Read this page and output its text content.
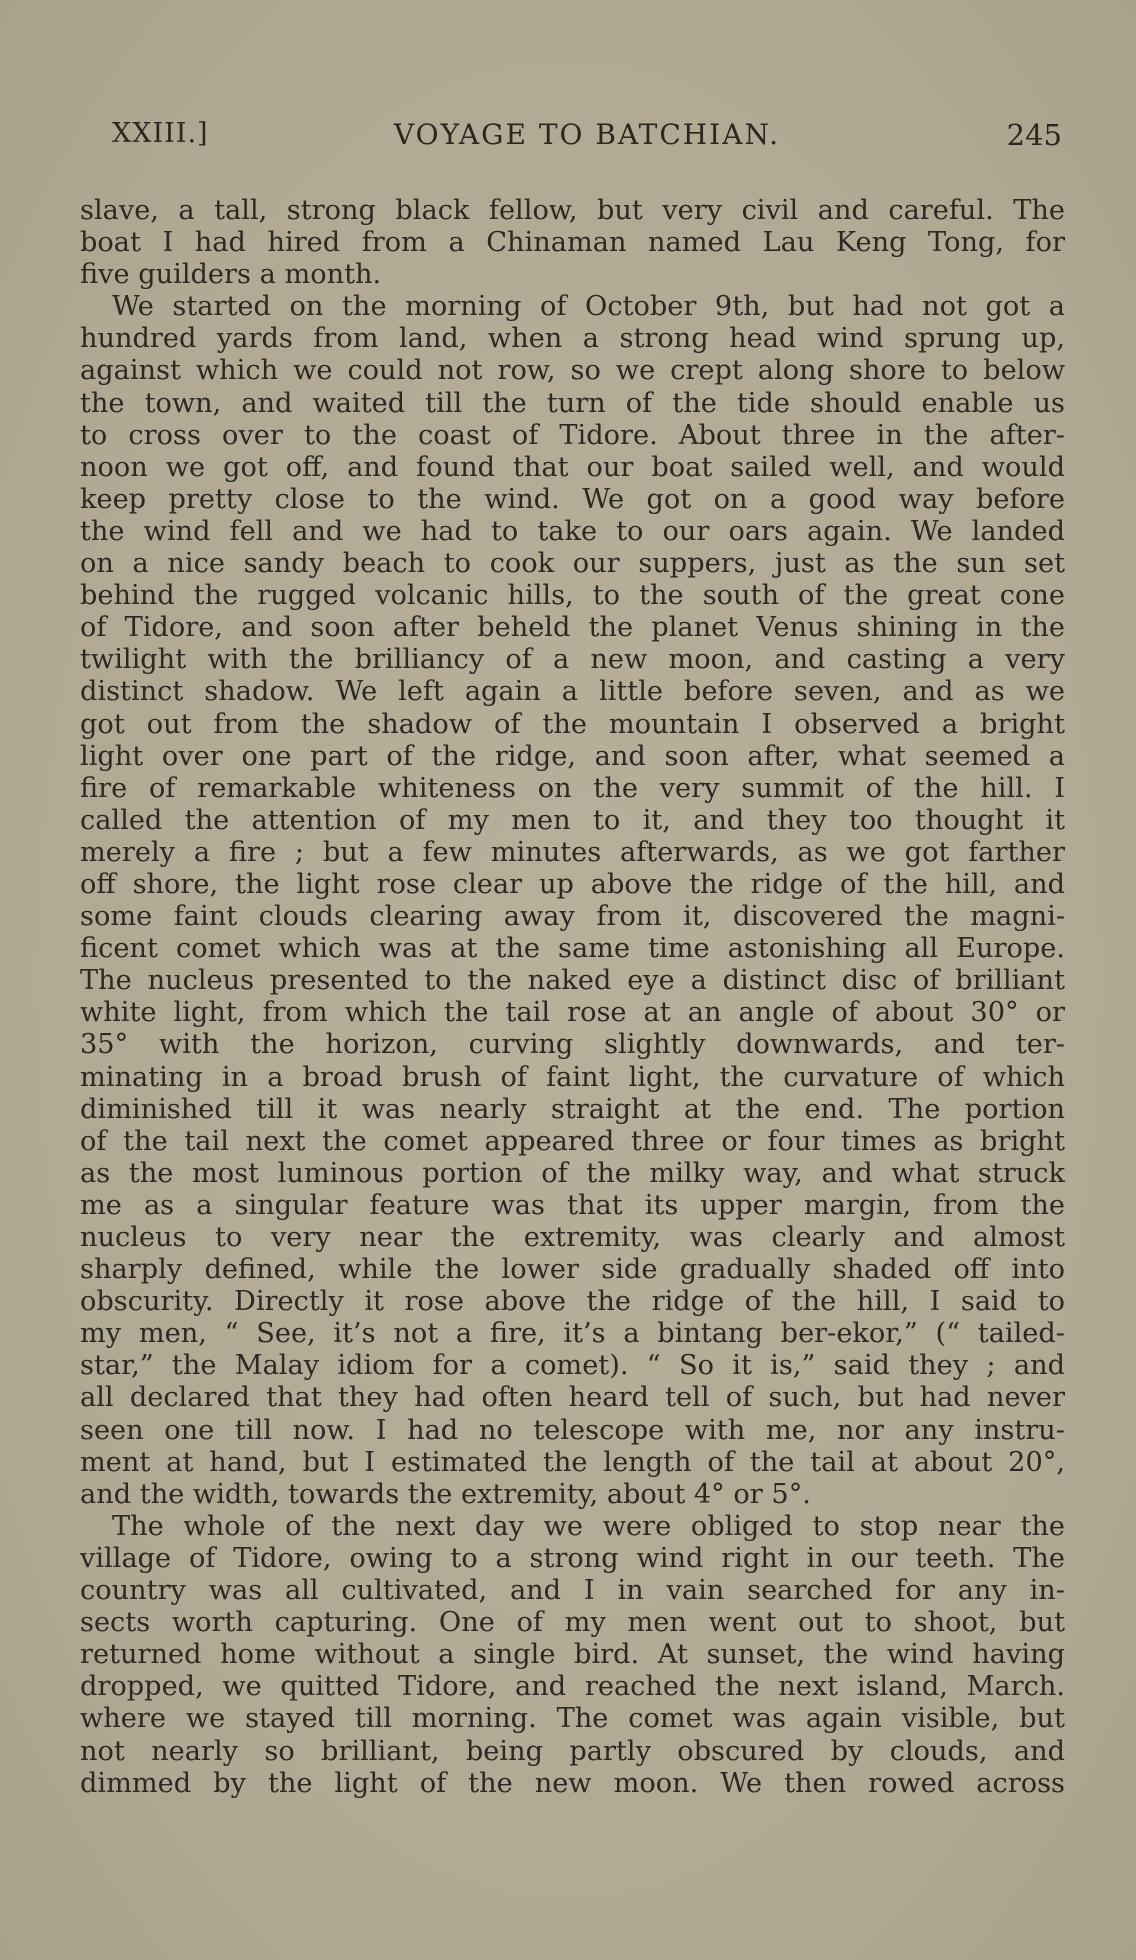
XXIII.]	VOYAGE TO BATCHIAN.	245
slave, a tall, strong black fellow, but very civil and careful. The
boat I had hired from a Chinaman named Lau Keng Tong, for
five guilders a month.
We started on the morning of October 9th, but had not got a
hundred yards from land, when a strong head wind sprung up,
against which we could not row, so we crept along shore to below
the town, and waited till the turn of the tide should enable us
to cross over to the coast of Tidore. About three in the after-
noon we got off, and found that our boat sailed well, and would
keep pretty close to the wind. We got on a good way before
the wind fell and we had to take to our oars again. We landed
on a nice sandy beach to cook our suppers, just as the sun set
behind the rugged volcanic hills, to the south of the great cone
of Tidore, and soon after beheld the planet Venus shining in the
twilight with the brilliancy of a new moon, and casting a very
distinct shadow. We left again a little before seven, and as we
got out from the shadow of the mountain I observed a bright
light over one part of the ridge, and soon after, what seemed a
fire of remarkable whiteness on the very summit of the hill. I
called the attention of my men to it, and they too thought it
merely a fire ; but a few minutes afterwards, as we got farther
off shore, the light rose clear up above the ridge of the hill, and
some faint clouds clearing away from it, discovered the magni-
ficent comet which was at the same time astonishing all Europe.
The nucleus presented to the naked eye a distinct disc of brilliant
white light, from which the tail rose at an angle of about 30° or
35° with the horizon, curving slightly downwards, and ter-
minating in a broad brush of faint light, the curvature of which
diminished till it was nearly straight at the end. The portion
of the tail next the comet appeared three or four times as bright
as the most luminous portion of the milky way, and what struck
me as a singular feature was that its upper margin, from the
nucleus to very near the extremity, was clearly and almost
sharply defined, while the lower side gradually shaded off into
obscurity. Directly it rose above the ridge of the hill, I said to
my men, “ See, it’s not a fire, it’s a bintang ber-ekor,” (“ tailed-
star,” the Malay idiom for a comet). “ So it is,” said they ; and
all declared that they had often heard tell of such, but had never
seen one till now. I had no telescope with me, nor any instru-
ment at hand, but I estimated the length of the tail at about 20°,
and the width, towards the extremity, about 4° or 5°.
The whole of the next day we were obliged to stop near the
village of Tidore, owing to a strong wind right in our teeth. The
country was all cultivated, and I in vain searched for any in-
sects worth capturing. One of my men went out to shoot, but
returned home without a single bird. At sunset, the wind having
dropped, we quitted Tidore, and reached the next island, March.
where we stayed till morning. The comet was again visible, but
not nearly so brilliant, being partly obscured by clouds, and
dimmed by the light of the new moon. We then rowed across
